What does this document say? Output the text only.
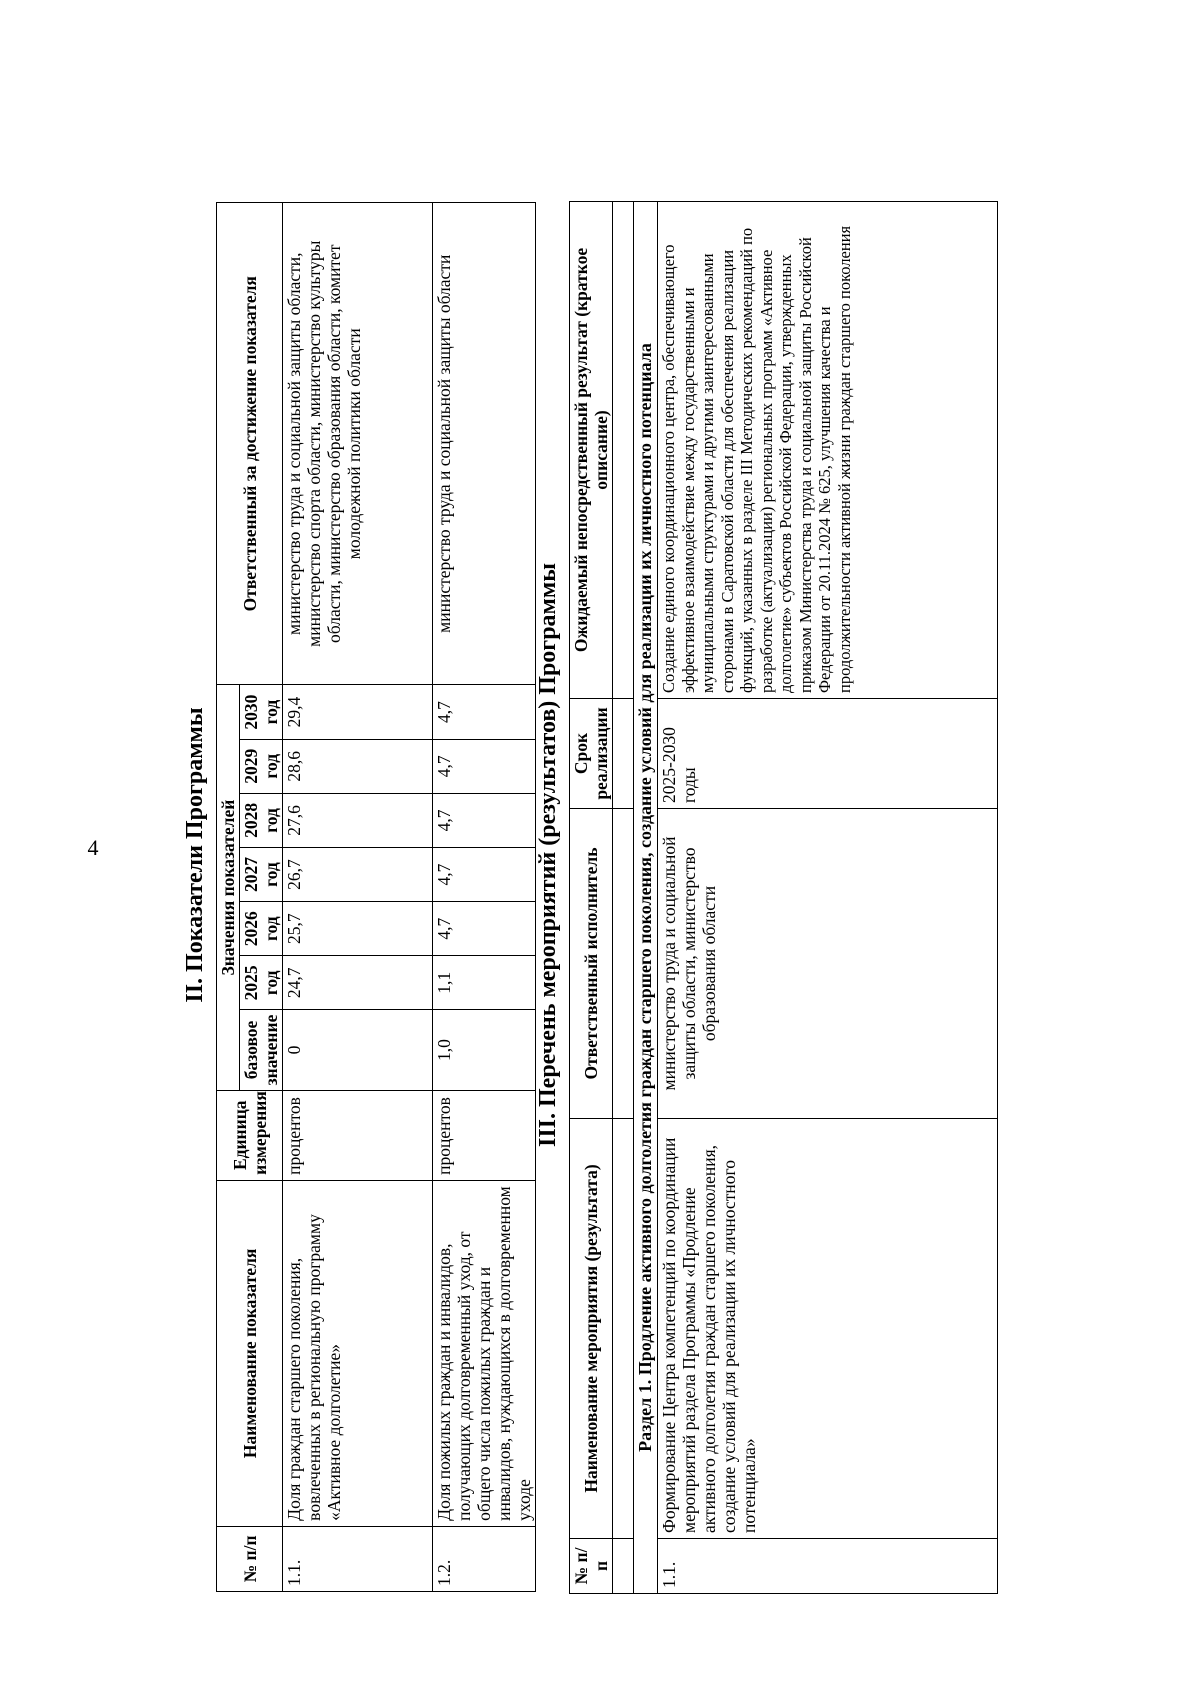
4	II. Показатели Программы
№ п/п	Наименование показателя	Единица измерения	Значения показателей							Ответственный за достижение показателя
			базовое значение	2025 год	2026 год	2027 год	2028 год	2029 год	2030 год	
1.1.	Доля граждан старшего поколения, вовлеченных в региональную программу «Активное долголетие»	процентов	0	24,7	25,7	26,7	27,6	28,6	29,4	министерство труда и социальной защиты области, министерство спорта области, министерство культуры области, министерство образования области, комитет молодежной политики области
1.2.	Доля пожилых граждан и инвалидов, получающих долговременный уход, от общего числа пожилых граждан и инвалидов, нуждающихся в долговременном уходе	процентов	1,0	1,1	4,7	4,7	4,7	4,7	4,7	министерство труда и социальной защиты области
III. Перечень мероприятий (результатов) Программы
№ п/п	Наименование мероприятия (результата)	Ответственный исполнитель	Срок реализации	Ожидаемый непосредственный результат (краткое описание)

Раздел 1. Продление активного долголетия граждан старшего поколения, создание условий для реализации их личностного потенциала				
1.1.	Формирование Центра компетенций по координации мероприятий раздела Программы «Продление активного долголетия граждан старшего поколения, создание условий для реализации их личностного потенциала»	министерство труда и социальной защиты области, министерство образования области	2025-2030 годы	Создание единого координационного центра, обеспечивающего эффективное взаимодействие между государственными и муниципальными структурами и другими заинтересованными сторонами в Саратовской области для обеспечения реализации функций, указанных в разделе III Методических рекомендаций по разработке (актуализации) региональных программ «Активное долголетие» субъектов Российской Федерации, утвержденных приказом Министерства труда и социальной защиты Российской Федерации от 20.11.2024 № 625, улучшения качества и продолжительности активной жизни граждан старшего поколения
